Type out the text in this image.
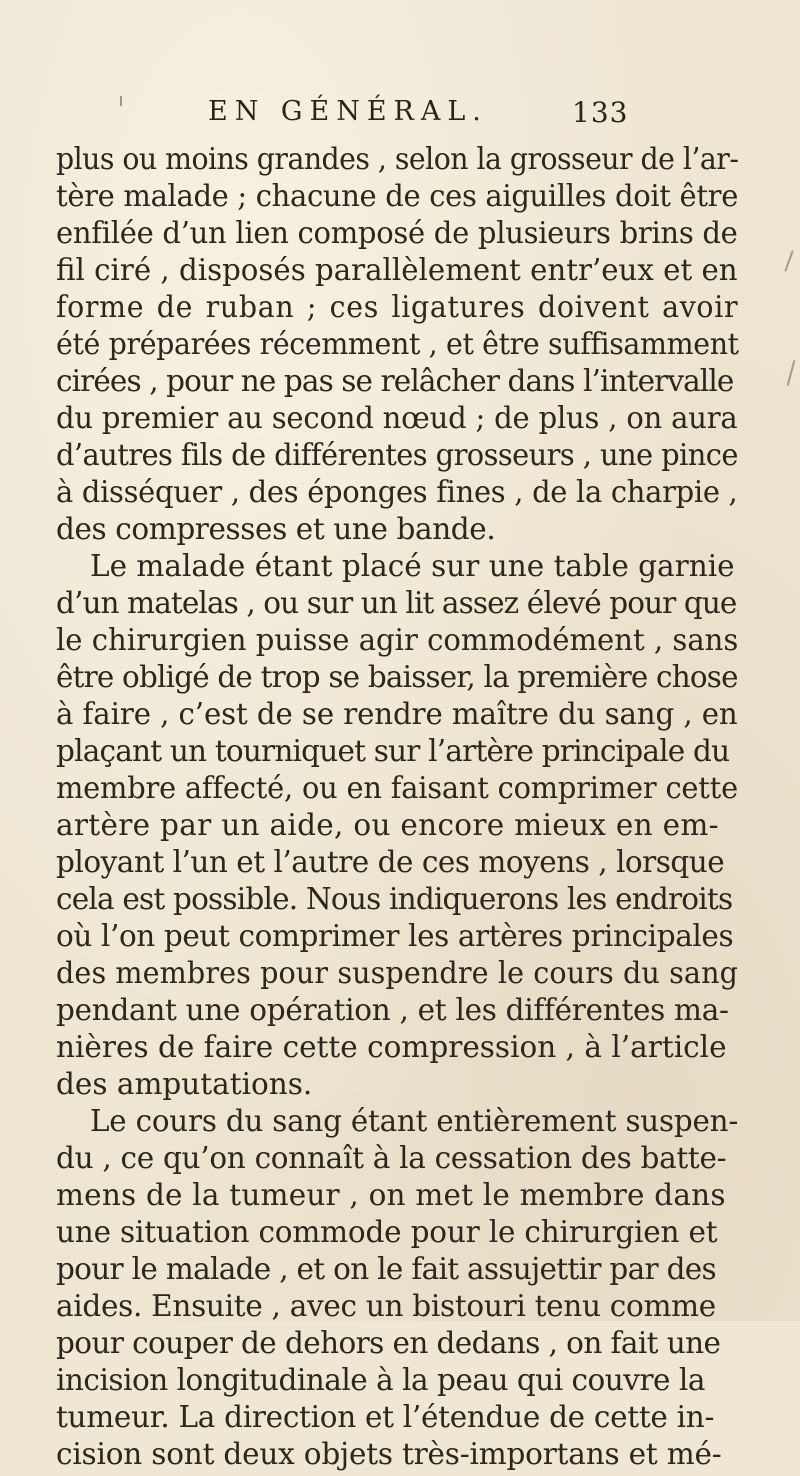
EN GÉNÉRAL.	133
plus ou moins grandes , selon la grosseur de l’ar-
tère malade ; chacune de ces aiguilles doit être
enfilée d’un lien composé de plusieurs brins de
fil ciré , disposés parallèlement entr’eux et en
forme de ruban ; ces ligatures doivent avoir
été préparées récemment , et être suffisamment
cirées , pour ne pas se relâcher dans l’intervalle
du premier au second nœud ; de plus , on aura
d’autres fils de différentes grosseurs , une pince
à disséquer , des éponges fines , de la charpie ,
des compresses et une bande.
Le malade étant placé sur une table garnie
d’un matelas , ou sur un lit assez élevé pour que
le chirurgien puisse agir commodément , sans
être obligé de trop se baisser, la première chose
à faire , c’est de se rendre maître du sang , en
plaçant un tourniquet sur l’artère principale du
membre affecté, ou en faisant comprimer cette
artère par un aide, ou encore mieux en em-
ployant l’un et l’autre de ces moyens , lorsque
cela est possible. Nous indiquerons les endroits
où l’on peut comprimer les artères principales
des membres pour suspendre le cours du sang
pendant une opération , et les différentes ma-
nières de faire cette compression , à l’article
des amputations.
Le cours du sang étant entièrement suspen-
du , ce qu’on connaît à la cessation des batte-
mens de la tumeur , on met le membre dans
une situation commode pour le chirurgien et
pour le malade , et on le fait assujettir par des
aides. Ensuite , avec un bistouri tenu comme
pour couper de dehors en dedans , on fait une
incision longitudinale à la peau qui couvre la
tumeur. La direction et l’étendue de cette in-
cision sont deux objets très-importans et mé-
